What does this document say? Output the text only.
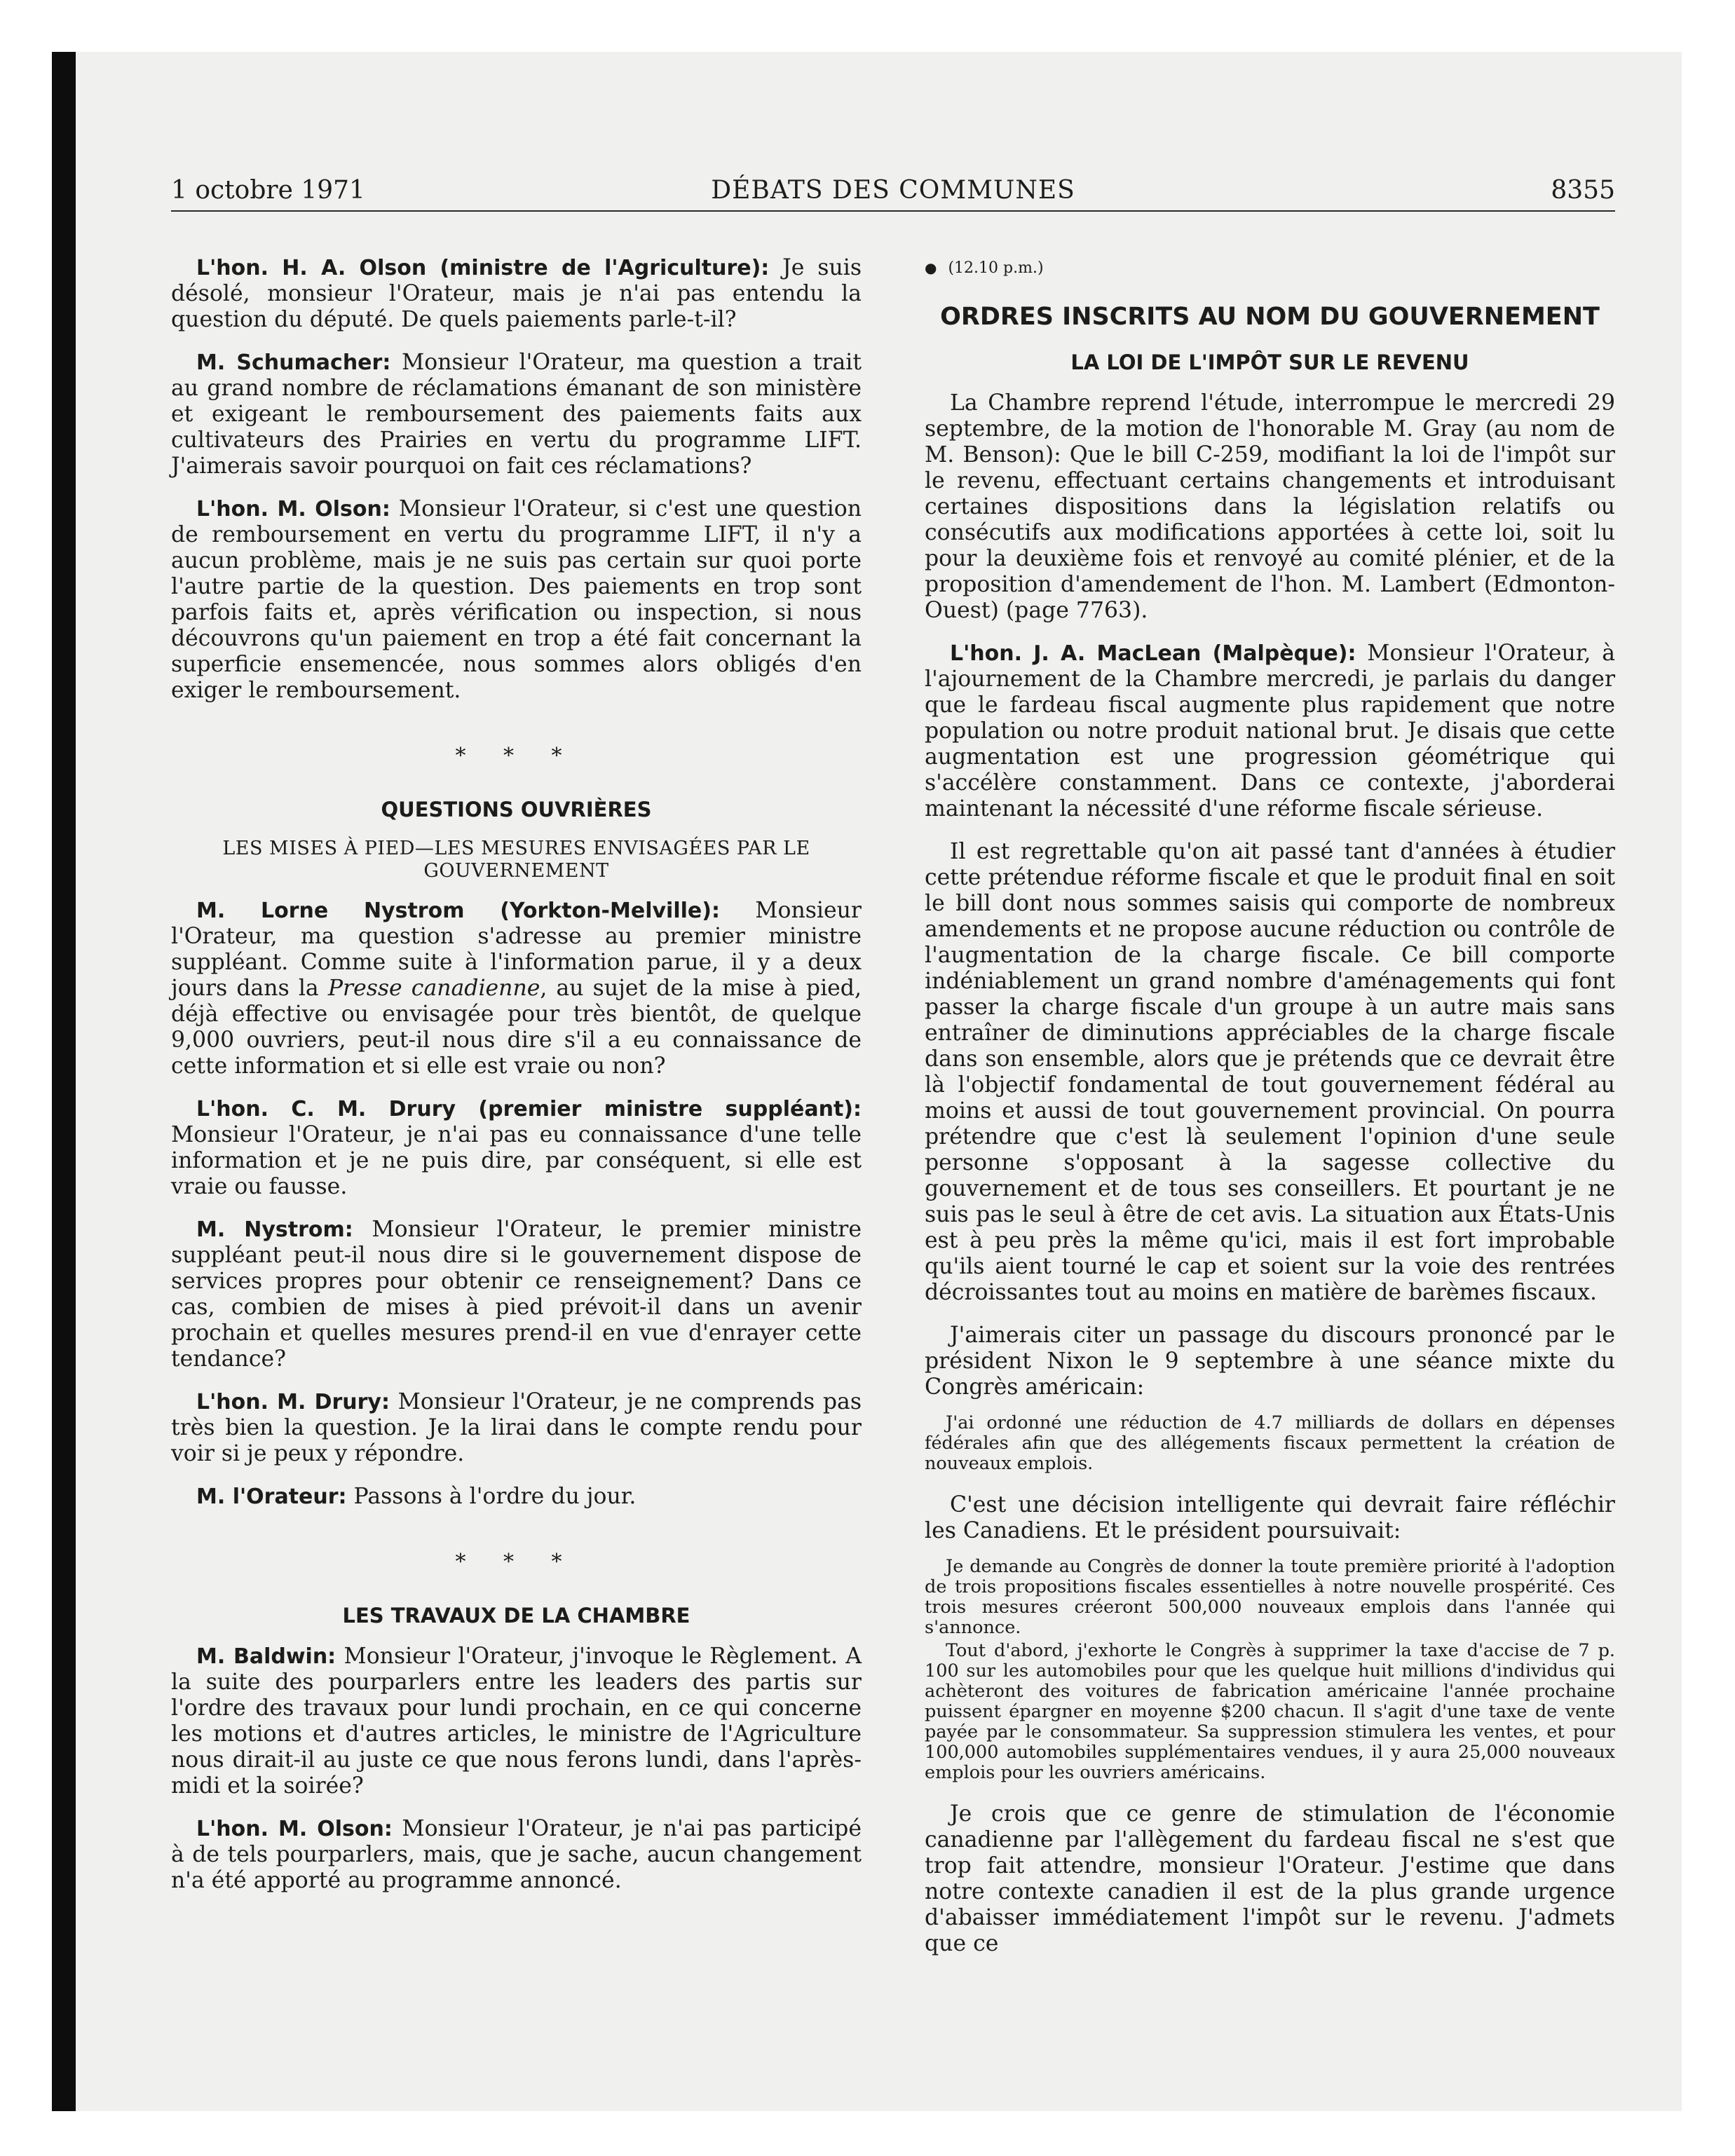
1 octobre 1971	DÉBATS DES COMMUNES	8355

L'hon. H. A. Olson (ministre de l'Agriculture): Je suis désolé, monsieur l'Orateur, mais je n'ai pas entendu la question du député. De quels paiements parle-t-il?

M. Schumacher: Monsieur l'Orateur, ma question a trait au grand nombre de réclamations émanant de son ministère et exigeant le remboursement des paiements faits aux cultivateurs des Prairies en vertu du programme LIFT. J'aimerais savoir pourquoi on fait ces réclamations?

L'hon. M. Olson: Monsieur l'Orateur, si c'est une question de remboursement en vertu du programme LIFT, il n'y a aucun problème, mais je ne suis pas certain sur quoi porte l'autre partie de la question. Des paiements en trop sont parfois faits et, après vérification ou inspection, si nous découvrons qu'un paiement en trop a été fait concernant la superficie ensemencée, nous sommes alors obligés d'en exiger le remboursement.

* * *
QUESTIONS OUVRIÈRES
LES MISES À PIED—LES MESURES ENVISAGÉES PAR LE GOUVERNEMENT

M. Lorne Nystrom (Yorkton-Melville): Monsieur l'Orateur, ma question s'adresse au premier ministre suppléant. Comme suite à l'information parue, il y a deux jours dans la Presse canadienne, au sujet de la mise à pied, déjà effective ou envisagée pour très bientôt, de quelque 9,000 ouvriers, peut-il nous dire s'il a eu connaissance de cette information et si elle est vraie ou non?

L'hon. C. M. Drury (premier ministre suppléant): Monsieur l'Orateur, je n'ai pas eu connaissance d'une telle information et je ne puis dire, par conséquent, si elle est vraie ou fausse.

M. Nystrom: Monsieur l'Orateur, le premier ministre suppléant peut-il nous dire si le gouvernement dispose de services propres pour obtenir ce renseignement? Dans ce cas, combien de mises à pied prévoit-il dans un avenir prochain et quelles mesures prend-il en vue d'enrayer cette tendance?

L'hon. M. Drury: Monsieur l'Orateur, je ne comprends pas très bien la question. Je la lirai dans le compte rendu pour voir si je peux y répondre.

M. l'Orateur: Passons à l'ordre du jour.

* * *
LES TRAVAUX DE LA CHAMBRE

M. Baldwin: Monsieur l'Orateur, j'invoque le Règlement. A la suite des pourparlers entre les leaders des partis sur l'ordre des travaux pour lundi prochain, en ce qui concerne les motions et d'autres articles, le ministre de l'Agriculture nous dirait-il au juste ce que nous ferons lundi, dans l'après-midi et la soirée?

L'hon. M. Olson: Monsieur l'Orateur, je n'ai pas participé à de tels pourparlers, mais, que je sache, aucun changement n'a été apporté au programme annoncé.

● (12.10 p.m.)

ORDRES INSCRITS AU NOM DU GOUVERNEMENT
LA LOI DE L'IMPÔT SUR LE REVENU

La Chambre reprend l'étude, interrompue le mercredi 29 septembre, de la motion de l'honorable M. Gray (au nom de M. Benson): Que le bill C-259, modifiant la loi de l'impôt sur le revenu, effectuant certains changements et introduisant certaines dispositions dans la législation relatifs ou consécutifs aux modifications apportées à cette loi, soit lu pour la deuxième fois et renvoyé au comité plénier, et de la proposition d'amendement de l'hon. M. Lambert (Edmonton-Ouest) (page 7763).

L'hon. J. A. MacLean (Malpèque): Monsieur l'Orateur, à l'ajournement de la Chambre mercredi, je parlais du danger que le fardeau fiscal augmente plus rapidement que notre population ou notre produit national brut. Je disais que cette augmentation est une progression géométrique qui s'accélère constamment. Dans ce contexte, j'aborderai maintenant la nécessité d'une réforme fiscale sérieuse.

Il est regrettable qu'on ait passé tant d'années à étudier cette prétendue réforme fiscale et que le produit final en soit le bill dont nous sommes saisis qui comporte de nombreux amendements et ne propose aucune réduction ou contrôle de l'augmentation de la charge fiscale. Ce bill comporte indéniablement un grand nombre d'aménagements qui font passer la charge fiscale d'un groupe à un autre mais sans entraîner de diminutions appréciables de la charge fiscale dans son ensemble, alors que je prétends que ce devrait être là l'objectif fondamental de tout gouvernement fédéral au moins et aussi de tout gouvernement provincial. On pourra prétendre que c'est là seulement l'opinion d'une seule personne s'opposant à la sagesse collective du gouvernement et de tous ses conseillers. Et pourtant je ne suis pas le seul à être de cet avis. La situation aux États-Unis est à peu près la même qu'ici, mais il est fort improbable qu'ils aient tourné le cap et soient sur la voie des rentrées décroissantes tout au moins en matière de barèmes fiscaux.

J'aimerais citer un passage du discours prononcé par le président Nixon le 9 septembre à une séance mixte du Congrès américain:

J'ai ordonné une réduction de 4.7 milliards de dollars en dépenses fédérales afin que des allégements fiscaux permettent la création de nouveaux emplois.

C'est une décision intelligente qui devrait faire réfléchir les Canadiens. Et le président poursuivait:

Je demande au Congrès de donner la toute première priorité à l'adoption de trois propositions fiscales essentielles à notre nouvelle prospérité. Ces trois mesures créeront 500,000 nouveaux emplois dans l'année qui s'annonce.

Tout d'abord, j'exhorte le Congrès à supprimer la taxe d'accise de 7 p. 100 sur les automobiles pour que les quelque huit millions d'individus qui achèteront des voitures de fabrication américaine l'année prochaine puissent épargner en moyenne $200 chacun. Il s'agit d'une taxe de vente payée par le consommateur. Sa suppression stimulera les ventes, et pour 100,000 automobiles supplémentaires vendues, il y aura 25,000 nouveaux emplois pour les ouvriers américains.

Je crois que ce genre de stimulation de l'économie canadienne par l'allègement du fardeau fiscal ne s'est que trop fait attendre, monsieur l'Orateur. J'estime que dans notre contexte canadien il est de la plus grande urgence d'abaisser immédiatement l'impôt sur le revenu. J'admets que ce
